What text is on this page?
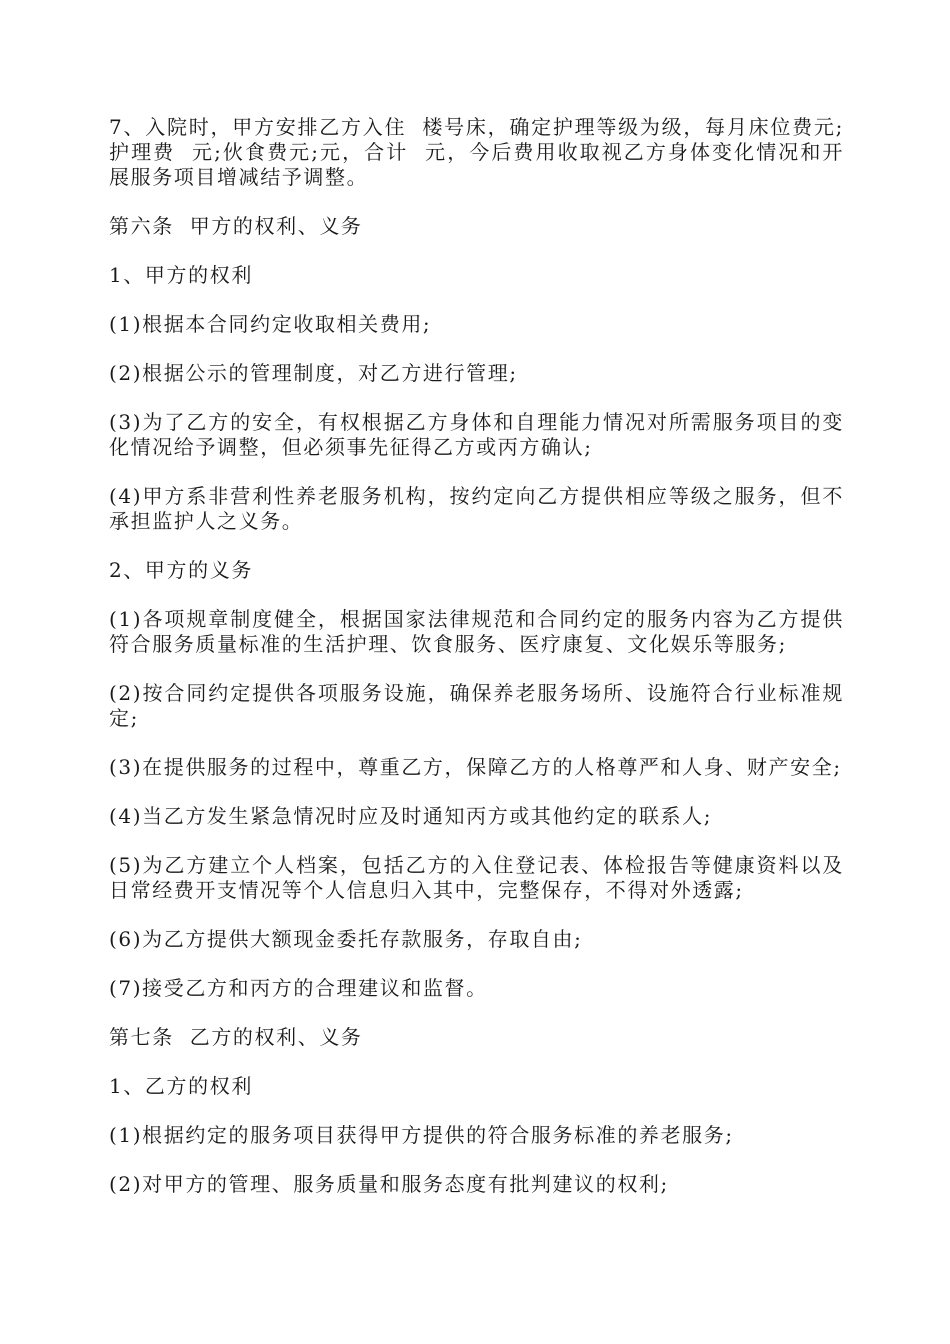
7、入院时，甲方安排乙方入住  楼号床，确定护理等级为级，每月床位费元;护理费  元;伙食费元;元，合计  元，今后费用收取视乙方身体变化情况和开展服务项目增减结予调整。

第六条  甲方的权利、义务

1、甲方的权利

(1)根据本合同约定收取相关费用;

(2)根据公示的管理制度，对乙方进行管理;

(3)为了乙方的安全，有权根据乙方身体和自理能力情况对所需服务项目的变化情况给予调整，但必须事先征得乙方或丙方确认;

(4)甲方系非营利性养老服务机构，按约定向乙方提供相应等级之服务，但不承担监护人之义务。

2、甲方的义务

(1)各项规章制度健全，根据国家法律规范和合同约定的服务内容为乙方提供符合服务质量标准的生活护理、饮食服务、医疗康复、文化娱乐等服务;

(2)按合同约定提供各项服务设施，确保养老服务场所、设施符合行业标准规定;

(3)在提供服务的过程中，尊重乙方，保障乙方的人格尊严和人身、财产安全;

(4)当乙方发生紧急情况时应及时通知丙方或其他约定的联系人;

(5)为乙方建立个人档案，包括乙方的入住登记表、体检报告等健康资料以及日常经费开支情况等个人信息归入其中，完整保存，不得对外透露;

(6)为乙方提供大额现金委托存款服务，存取自由;

(7)接受乙方和丙方的合理建议和监督。

第七条  乙方的权利、义务

1、乙方的权利

(1)根据约定的服务项目获得甲方提供的符合服务标准的养老服务;

(2)对甲方的管理、服务质量和服务态度有批判建议的权利;
